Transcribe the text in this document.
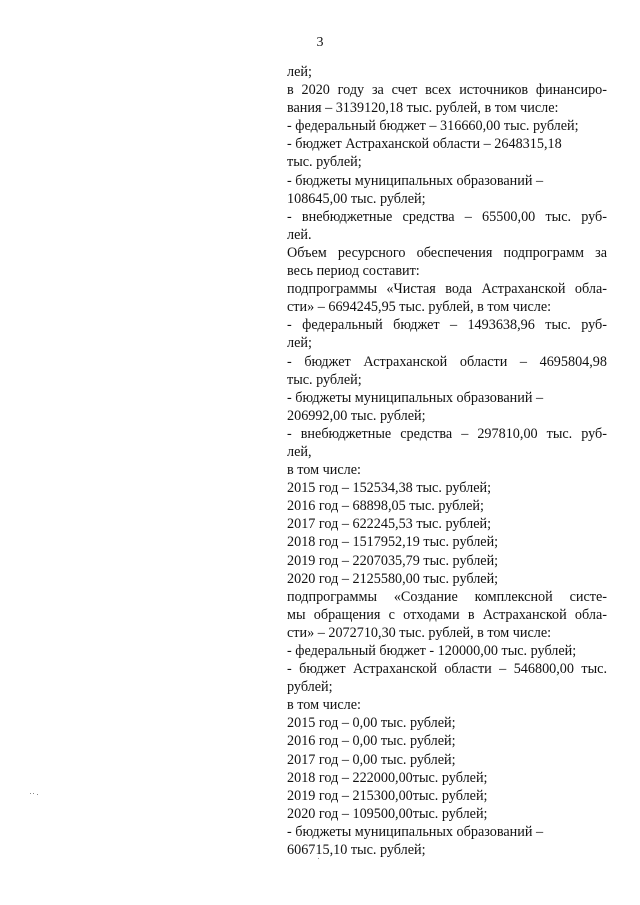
3
лей;
в 2020 году за счет всех источников финансиро-
вания – 3139120,18 тыс. рублей, в том числе:
- федеральный бюджет – 316660,00 тыс. рублей;
- бюджет Астраханской области – 2648315,18
тыс. рублей;
- бюджеты муниципальных образований –
108645,00 тыс. рублей;
- внебюджетные средства – 65500,00 тыс. руб-
лей.
Объем ресурсного обеспечения подпрограмм за
весь период составит:
подпрограммы «Чистая вода Астраханской обла-
сти» – 6694245,95 тыс. рублей, в том числе:
- федеральный бюджет – 1493638,96 тыс. руб-
лей;
- бюджет Астраханской области – 4695804,98
тыс. рублей;
- бюджеты муниципальных образований –
206992,00 тыс. рублей;
- внебюджетные средства – 297810,00 тыс. руб-
лей,
в том числе:
2015 год – 152534,38 тыс. рублей;
2016 год – 68898,05 тыс. рублей;
2017 год – 622245,53 тыс. рублей;
2018 год – 1517952,19 тыс. рублей;
2019 год – 2207035,79 тыс. рублей;
2020 год – 2125580,00 тыс. рублей;
подпрограммы «Создание комплексной систе-
мы обращения с отходами в Астраханской обла-
сти» – 2072710,30 тыс. рублей, в том числе:
- федеральный бюджет - 120000,00 тыс. рублей;
- бюджет Астраханской области – 546800,00 тыс.
рублей;
в том числе:
2015 год – 0,00 тыс. рублей;
2016 год – 0,00 тыс. рублей;
2017 год – 0,00 тыс. рублей;
2018 год – 222000,00тыс. рублей;
2019 год – 215300,00тыс. рублей;
2020 год – 109500,00тыс. рублей;
- бюджеты муниципальных образований –
606715,10 тыс. рублей;
